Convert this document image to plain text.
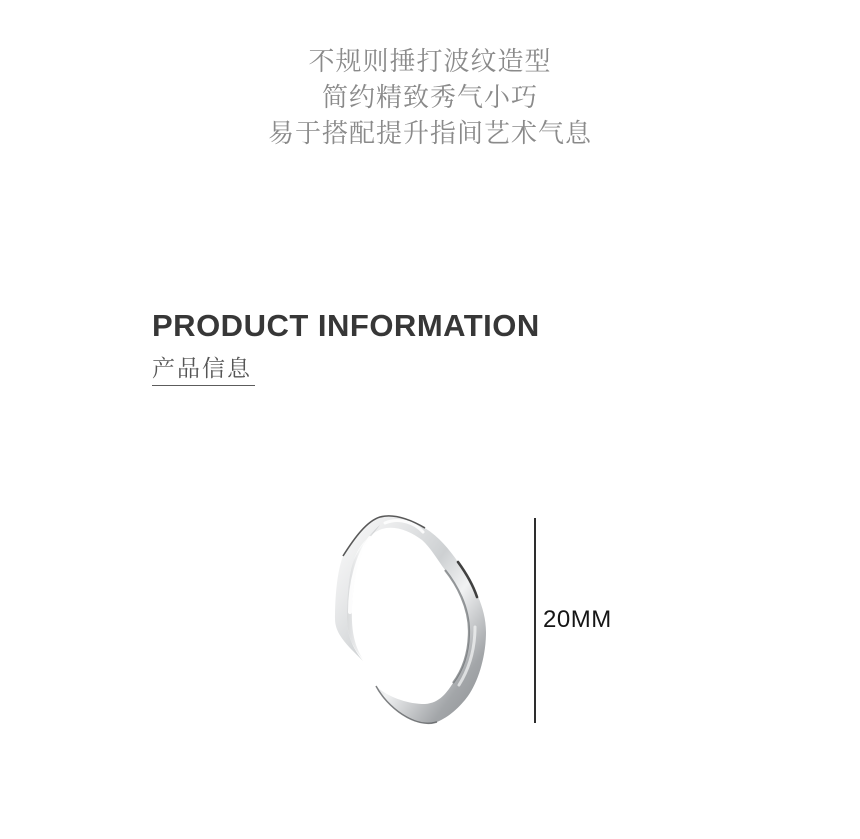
不规则捶打波纹造型
简约精致秀气小巧
易于搭配提升指间艺术气息
PRODUCT INFORMATION
产品信息
20MM
